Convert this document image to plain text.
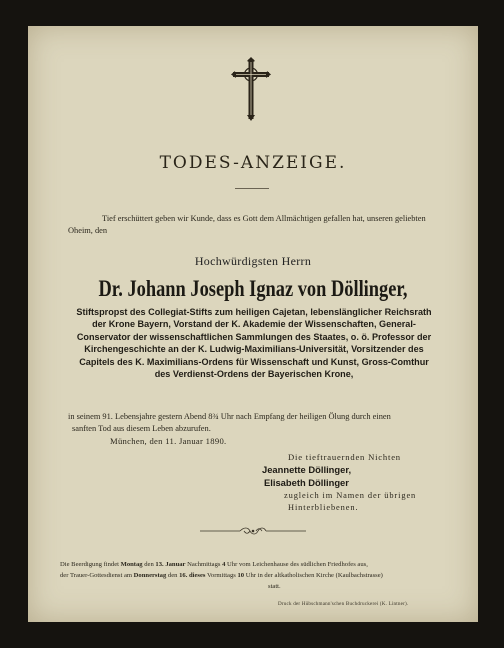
TODES-ANZEIGE.
Tief erschüttert geben wir Kunde, dass es Gott dem Allmächtigen gefallen hat, unseren geliebten Oheim, den
Hochwürdigsten Herrn
Dr. Johann Joseph Ignaz von Döllinger,
Stiftspropst des Collegiat-Stifts zum heiligen Cajetan, lebenslänglicher Reichsrath der Krone Bayern, Vorstand der K. Akademie der Wissenschaften, General-Conservator der wissenschaftlichen Sammlungen des Staates, o. ö. Professor der Kirchengeschichte an der K. Ludwig-Maximilians-Universität, Vorsitzender des Capitels des K. Maximilians-Ordens für Wissenschaft und Kunst, Gross-Comthur des Verdienst-Ordens der Bayerischen Krone,
in seinem 91. Lebensjahre gestern Abend 8¾ Uhr nach Empfang der heiligen Ölung durch einen
sanften Tod aus diesem Leben abzurufen.
München, den 11. Januar 1890.
Die tieftrauernden Nichten
Jeannette Döllinger,
Elisabeth Döllinger
zugleich im Namen der übrigen
Hinterbliebenen.
Die Beerdigung findet Montag den 13. Januar Nachmittags 4 Uhr vom Leichenhause des südlichen Friedhofes aus,
der Trauer-Gottesdienst am Donnerstag den 16. dieses Vormittags 10 Uhr in der altkatholischen Kirche (Kaulbachstrasse)
statt.
Druck der Hübschmann'schen Buchdruckerei (K. Lintner).
